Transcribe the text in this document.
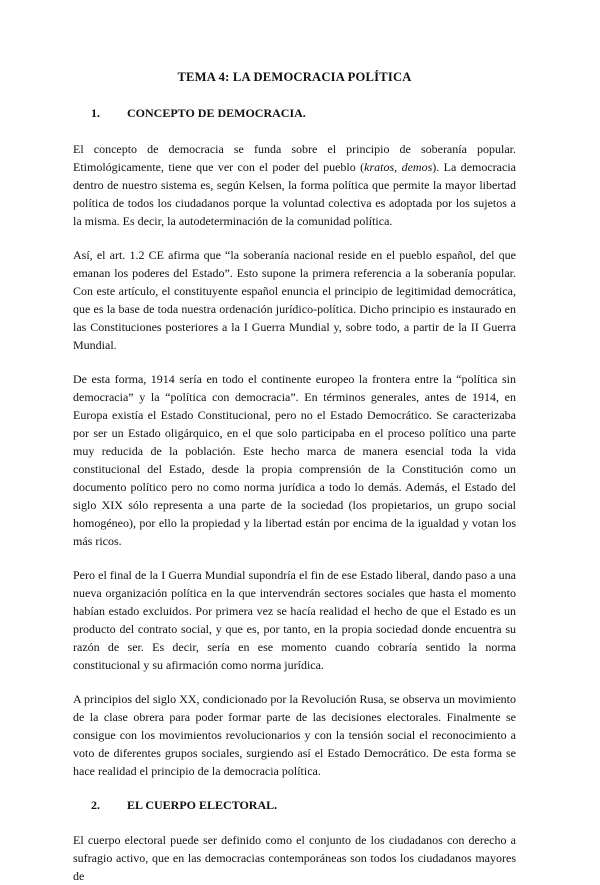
TEMA 4: LA DEMOCRACIA POLÍTICA
1.	CONCEPTO DE DEMOCRACIA.

El concepto de democracia se funda sobre el principio de soberanía popular. Etimológicamente, tiene que ver con el poder del pueblo (kratos, demos). La democracia dentro de nuestro sistema es, según Kelsen, la forma política que permite la mayor libertad política de todos los ciudadanos porque la voluntad colectiva es adoptada por los sujetos a la misma. Es decir, la autodeterminación de la comunidad política.

Así, el art. 1.2 CE afirma que “la soberanía nacional reside en el pueblo español, del que emanan los poderes del Estado”. Esto supone la primera referencia a la soberanía popular. Con este artículo, el constituyente español enuncia el principio de legitimidad democrática, que es la base de toda nuestra ordenación jurídico-política. Dicho principio es instaurado en las Constituciones posteriores a la I Guerra Mundial y, sobre todo, a partir de la II Guerra Mundial.

De esta forma, 1914 sería en todo el continente europeo la frontera entre la “política sin democracia” y la “política con democracia”. En términos generales, antes de 1914, en Europa existía el Estado Constitucional, pero no el Estado Democrático. Se caracterizaba por ser un Estado oligárquico, en el que solo participaba en el proceso político una parte muy reducida de la población. Este hecho marca de manera esencial toda la vida constitucional del Estado, desde la propia comprensión de la Constitución como un documento político pero no como norma jurídica a todo lo demás. Además, el Estado del siglo XIX sólo representa a una parte de la sociedad (los propietarios, un grupo social homogéneo), por ello la propiedad y la libertad están por encima de la igualdad y votan los más ricos.

Pero el final de la I Guerra Mundial supondría el fin de ese Estado liberal, dando paso a una nueva organización política en la que intervendrán sectores sociales que hasta el momento habían estado excluidos. Por primera vez se hacía realidad el hecho de que el Estado es un producto del contrato social, y que es, por tanto, en la propia sociedad donde encuentra su razón de ser. Es decir, sería en ese momento cuando cobraría sentido la norma constitucional y su afirmación como norma jurídica.

A principios del siglo XX, condicionado por la Revolución Rusa, se observa un movimiento de la clase obrera para poder formar parte de las decisiones electorales. Finalmente se consigue con los movimientos revolucionarios y con la tensión social el reconocimiento a voto de diferentes grupos sociales, surgiendo así el Estado Democrático. De esta forma se hace realidad el principio de la democracia política.

2.	EL CUERPO ELECTORAL.

El cuerpo electoral puede ser definido como el conjunto de los ciudadanos con derecho a sufragio activo, que en las democracias contemporáneas son todos los ciudadanos mayores de
